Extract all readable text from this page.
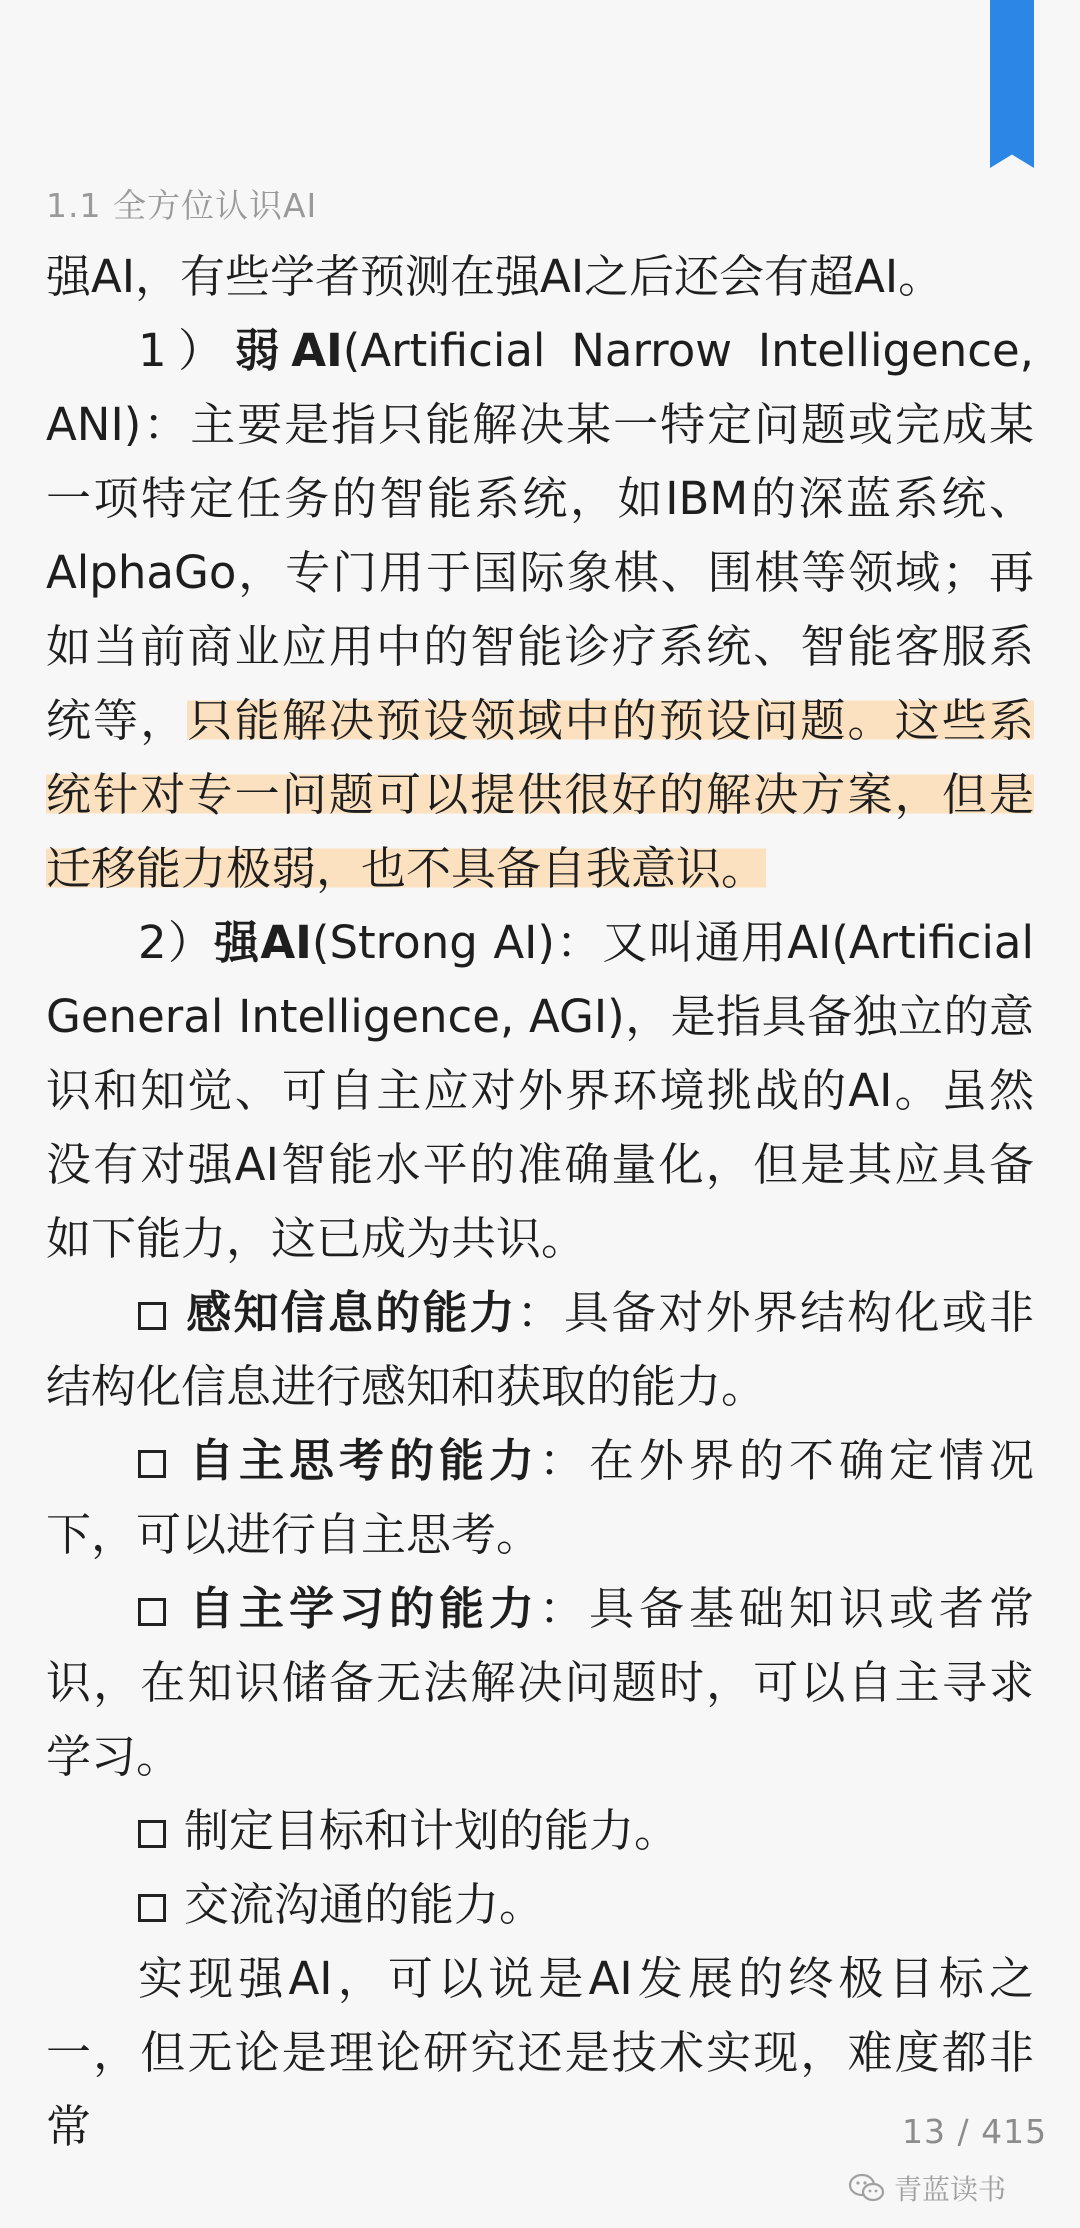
1.1 全方位认识AI

强AI，有些学者预测在强AI之后还会有超AI。

1）弱AI(Artificial Narrow Intelligence, ANI)：主要是指只能解决某一特定问题或完成某一项特定任务的智能系统，如IBM的深蓝系统、AlphaGo，专门用于国际象棋、围棋等领域；再如当前商业应用中的智能诊疗系统、智能客服系统等，只能解决预设领域中的预设问题。这些系统针对专一问题可以提供很好的解决方案，但是迁移能力极弱，也不具备自我意识。

2）强AI(Strong AI)：又叫通用AI(Artificial General Intelligence, AGI)，是指具备独立的意识和知觉、可自主应对外界环境挑战的AI。虽然没有对强AI智能水平的准确量化，但是其应具备如下能力，这已成为共识。

感知信息的能力：具备对外界结构化或非结构化信息进行感知和获取的能力。

自主思考的能力：在外界的不确定情况下，可以进行自主思考。

自主学习的能力：具备基础知识或者常识，在知识储备无法解决问题时，可以自主寻求学习。

制定目标和计划的能力。

交流沟通的能力。

实现强AI，可以说是AI发展的终极目标之一，但无论是理论研究还是技术实现，难度都非常	13 / 415
青蓝读书
